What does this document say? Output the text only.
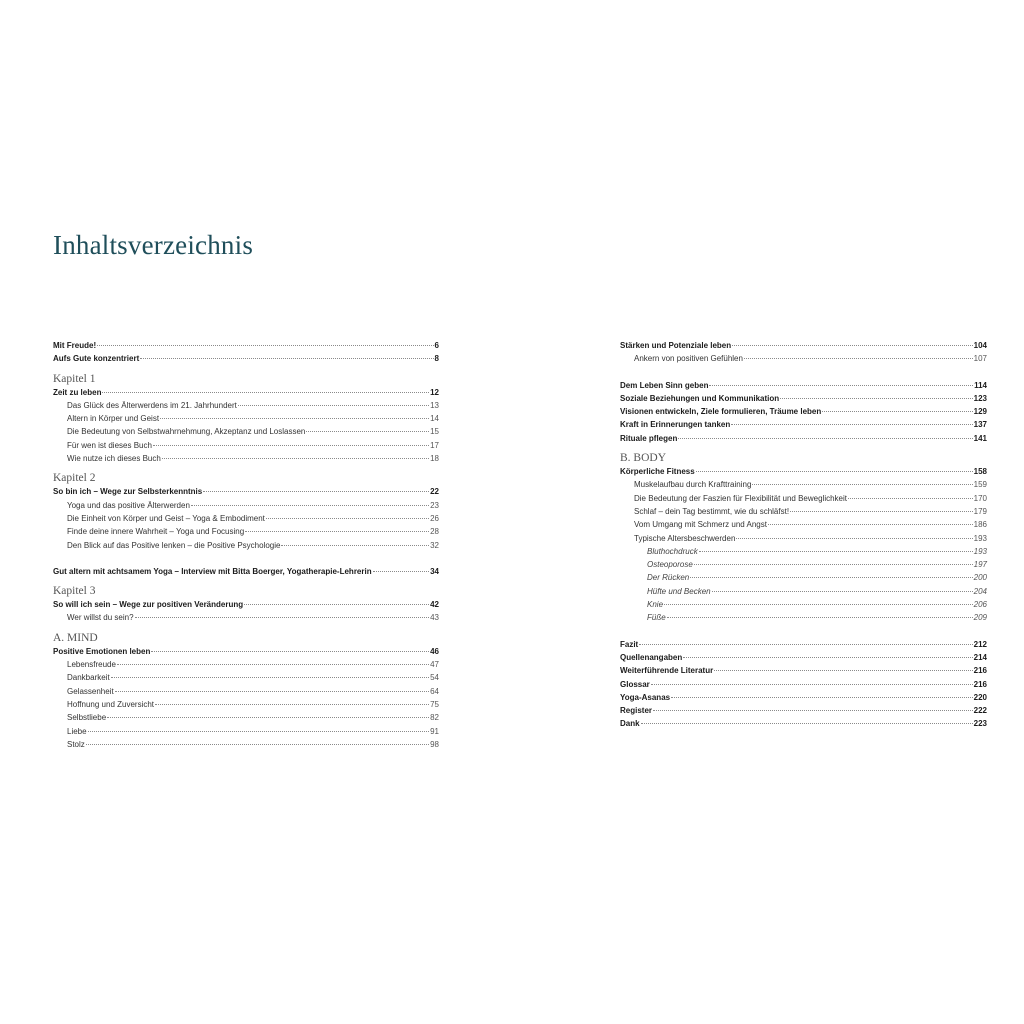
Inhaltsverzeichnis
Mit Freude!	6
Aufs Gute konzentriert	8
Kapitel 1
Zeit zu leben	12
Das Glück des Älterwerdens im 21. Jahrhundert	13
Altern in Körper und Geist	14
Die Bedeutung von Selbstwahrnehmung, Akzeptanz und Loslassen	15
Für wen ist dieses Buch	17
Wie nutze ich dieses Buch	18
Kapitel 2
So bin ich – Wege zur Selbsterkenntnis	22
Yoga und das positive Älterwerden	23
Die Einheit von Körper und Geist – Yoga & Embodiment	26
Finde deine innere Wahrheit – Yoga und Focusing	28
Den Blick auf das Positive lenken – die Positive Psychologie	32
Gut altern mit achtsamem Yoga – Interview mit Bitta Boerger, Yogatherapie-Lehrerin	34
Kapitel 3
So will ich sein – Wege zur positiven Veränderung	42
Wer willst du sein?	43
A. MIND
Positive Emotionen leben	46
Lebensfreude	47
Dankbarkeit	54
Gelassenheit	64
Hoffnung und Zuversicht	75
Selbstliebe	82
Liebe	91
Stolz	98
Stärken und Potenziale leben	104
Ankern von positiven Gefühlen	107
Dem Leben Sinn geben	114
Soziale Beziehungen und Kommunikation	123
Visionen entwickeln, Ziele formulieren, Träume leben	129
Kraft in Erinnerungen tanken	137
Rituale pflegen	141
B. BODY
Körperliche Fitness	158
Muskelaufbau durch Krafttraining	159
Die Bedeutung der Faszien für Flexibilität und Beweglichkeit	170
Schlaf – dein Tag bestimmt, wie du schläfst!	179
Vom Umgang mit Schmerz und Angst	186
Typische Altersbeschwerden	193
Bluthochdruck	193
Osteoporose	197
Der Rücken	200
Hüfte und Becken	204
Knie	206
Füße	209
Fazit	212
Quellenangaben	214
Weiterführende Literatur	216
Glossar	216
Yoga-Asanas	220
Register	222
Dank	223
